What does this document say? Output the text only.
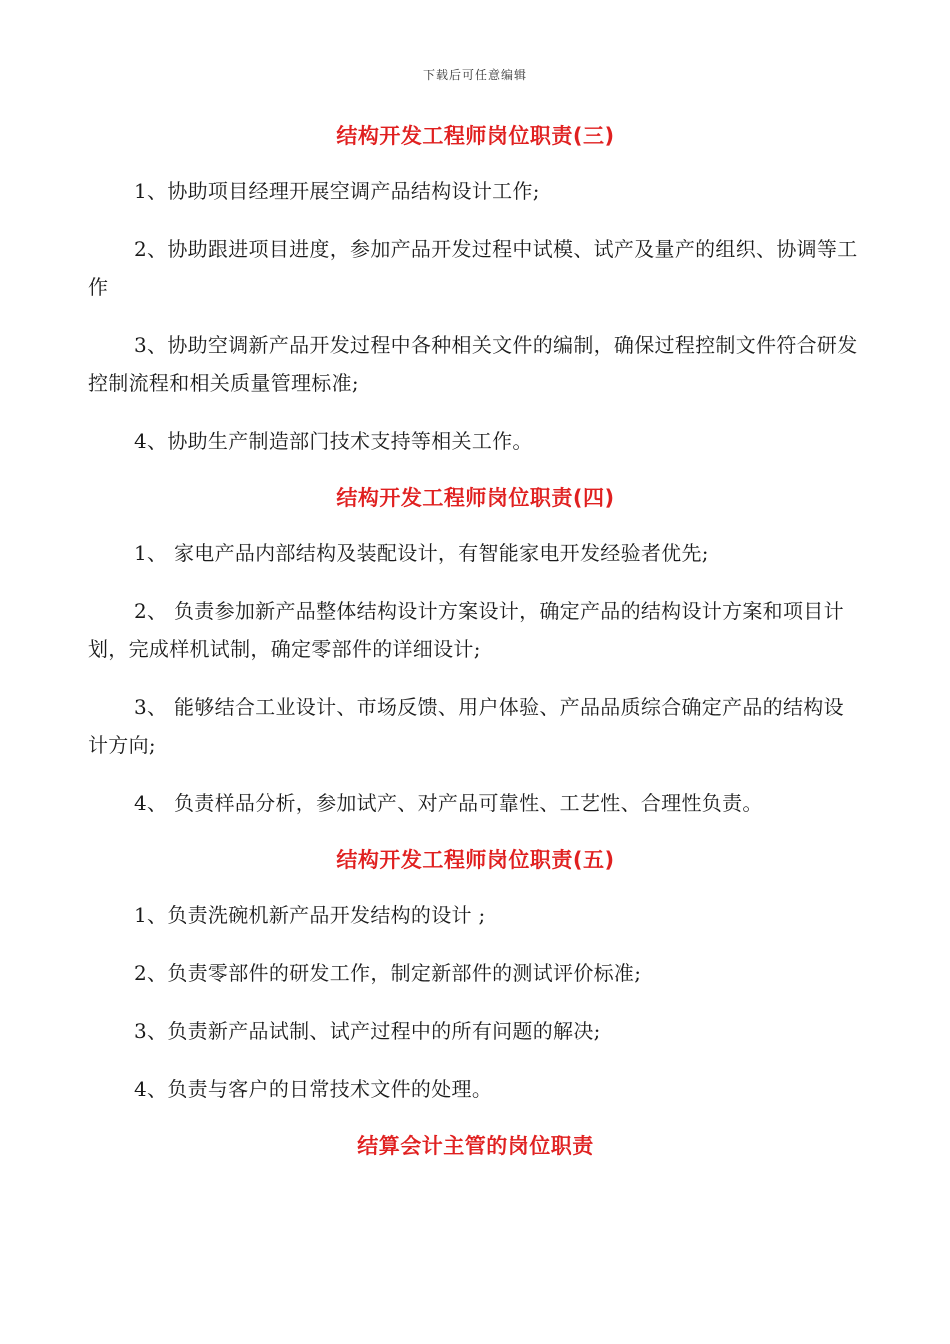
下载后可任意编辑
结构开发工程师岗位职责(三)

1、协助项目经理开展空调产品结构设计工作;

2、协助跟进项目进度，参加产品开发过程中试模、试产及量产的组织、协调等工作

3、协助空调新产品开发过程中各种相关文件的编制，确保过程控制文件符合研发控制流程和相关质量管理标准;

4、协助生产制造部门技术支持等相关工作。

结构开发工程师岗位职责(四)

1、 家电产品内部结构及装配设计，有智能家电开发经验者优先;

2、 负责参加新产品整体结构设计方案设计，确定产品的结构设计方案和项目计划，完成样机试制，确定零部件的详细设计;

3、 能够结合工业设计、市场反馈、用户体验、产品品质综合确定产品的结构设计方向;

4、 负责样品分析，参加试产、对产品可靠性、工艺性、合理性负责。

结构开发工程师岗位职责(五)

1、负责洗碗机新产品开发结构的设计 ;

2、负责零部件的研发工作，制定新部件的测试评价标准;

3、负责新产品试制、试产过程中的所有问题的解决;

4、负责与客户的日常技术文件的处理。

结算会计主管的岗位职责
